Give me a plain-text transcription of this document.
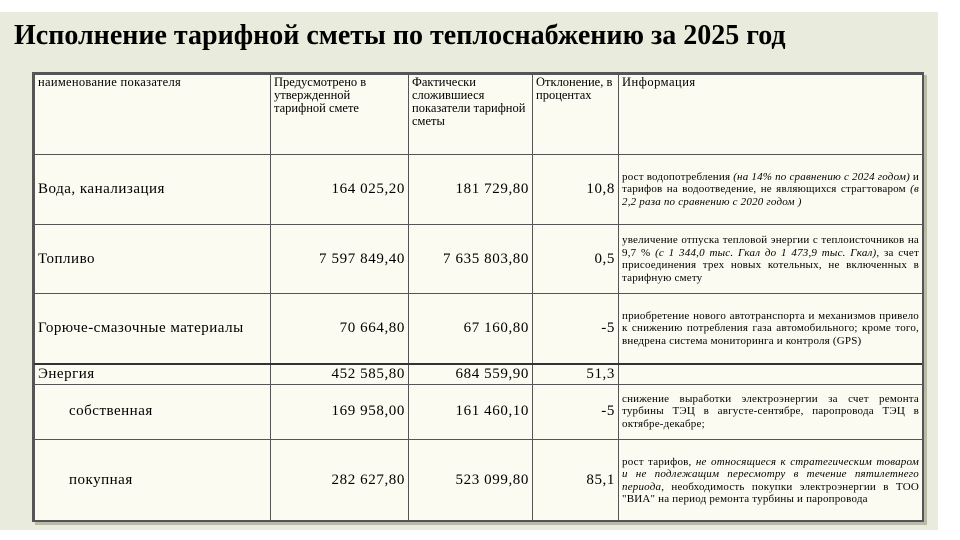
Исполнение тарифной сметы по теплоснабжению за 2025 год
наименование показателя	Предусмотрено в утвержденной тарифной смете	Фактически сложившиеся показатели тарифной сметы	Отклонение, в процентах	Информация
Вода, канализация	164 025,20	181 729,80	10,8	рост водопотребления (на 14% по сравнению с 2024 годом) и тарифов на водоотведение, не являющихся страгтоваром (в 2,2 раза по сравнению с 2020 годом )
Топливо	7 597 849,40	7 635 803,80	0,5	увеличение отпуска тепловой энергии с теплоисточников на 9,7 % (с 1 344,0 тыс. Гкал до 1 473,9 тыс. Гкал), за счет присоединения трех новых котельных, не включенных в тарифную смету
Горюче-смазочные материалы	70 664,80	67 160,80	-5	приобретение нового автотранспорта и механизмов привело к снижению потребления газа автомобильного; кроме того, внедрена система мониторинга и контроля (GPS)
Энергия	452 585,80	684 559,90	51,3	
собственная	169 958,00	161 460,10	-5	снижение выработки электроэнергии за счет ремонта турбины ТЭЦ в августе-сентябре, паропровода ТЭЦ в октябре-декабре;
покупная	282 627,80	523 099,80	85,1	рост тарифов, не относящиеся к стратегическим товаром и не подлежащим пересмотру в течение пятилетнего периода, необходимость покупки электроэнергии в ТОО "ВИА" на период ремонта турбины и паропровода
